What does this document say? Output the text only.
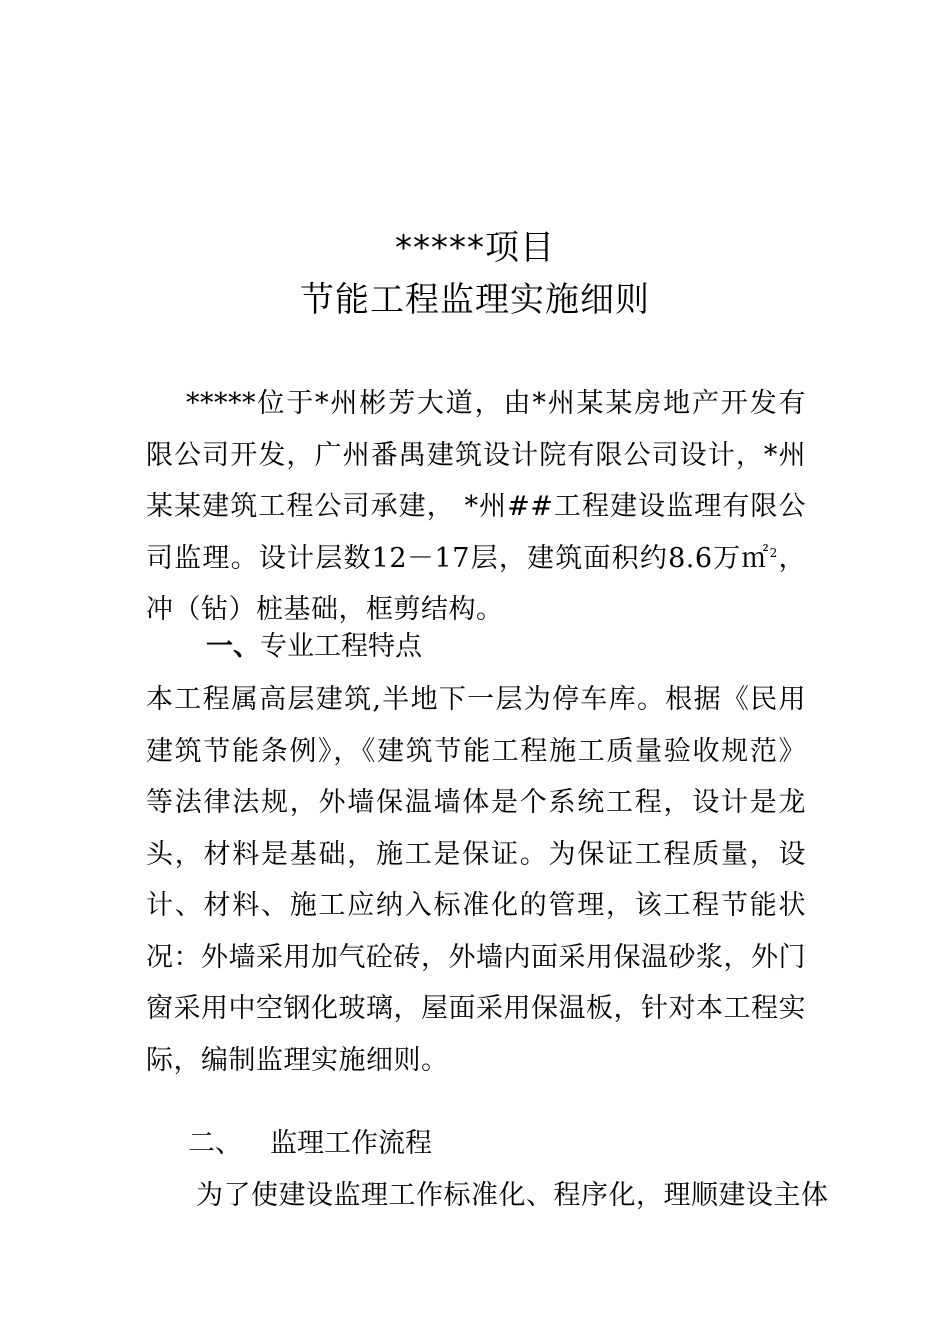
*****项目
节能工程监理实施细则

*****位于*州彬芳大道，由*州某某房地产开发有限公司开发，广州番禺建筑设计院有限公司设计，*州某某建筑工程公司承建， *州##工程建设监理有限公司监理。设计层数12－17层，建筑面积约8.6万㎡$^2$，冲（钻）桩基础，框剪结构。

一、专业工程特点

本工程属高层建筑,半地下一层为停车库。根据《民用建筑节能条例》，《建筑节能工程施工质量验收规范》等法律法规，外墙保温墙体是个系统工程，设计是龙头，材料是基础，施工是保证。为保证工程质量，设计、材料、施工应纳入标准化的管理，该工程节能状况：外墙采用加气砼砖，外墙内面采用保温砂浆，外门窗采用中空钢化玻璃，屋面采用保温板，针对本工程实际，编制监理实施细则。

二、 监理工作流程

为了使建设监理工作标准化、程序化，理顺建设主体
